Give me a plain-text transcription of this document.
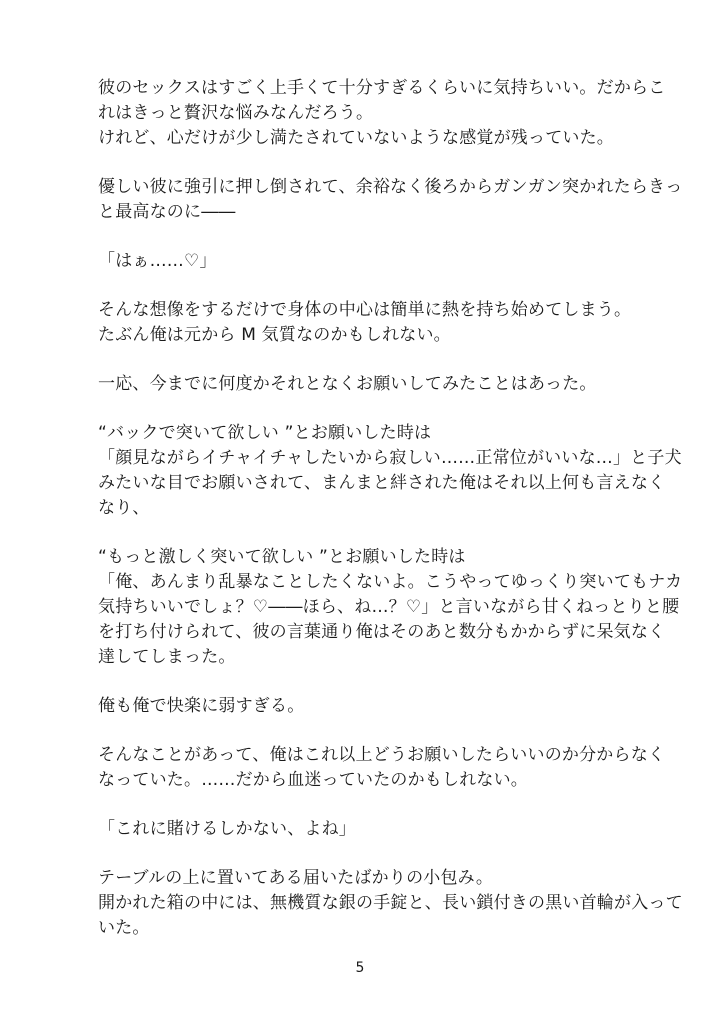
彼のセックスはすごく上手くて十分すぎるくらいに気持ちいい。だからこ
れはきっと贅沢な悩みなんだろう。
けれど、心だけが少し満たされていないような感覚が残っていた。

優しい彼に強引に押し倒されて、余裕なく後ろからガンガン突かれたらきっ
と最高なのに――

「はぁ……♡」

そんな想像をするだけで身体の中心は簡単に熱を持ち始めてしまう。
たぶん俺は元から M 気質なのかもしれない。

一応、今までに何度かそれとなくお願いしてみたことはあった。

“バックで突いて欲しい ”とお願いした時は
「顔見ながらイチャイチャしたいから寂しい……正常位がいいな…」と子犬
みたいな目でお願いされて、まんまと絆された俺はそれ以上何も言えなく
なり、

“もっと激しく突いて欲しい ”とお願いした時は
「俺、あんまり乱暴なことしたくないよ。こうやってゆっくり突いてもナカ
気持ちいいでしょ？♡――ほら、ね…？♡」と言いながら甘くねっとりと腰
を打ち付けられて、彼の言葉通り俺はそのあと数分もかからずに呆気なく
達してしまった。

俺も俺で快楽に弱すぎる。

そんなことがあって、俺はこれ以上どうお願いしたらいいのか分からなく
なっていた。……だから血迷っていたのかもしれない。

「これに賭けるしかない、よね」

テーブルの上に置いてある届いたばかりの小包み。
開かれた箱の中には、無機質な銀の手錠と、長い鎖付きの黒い首輪が入って
いた。

5
